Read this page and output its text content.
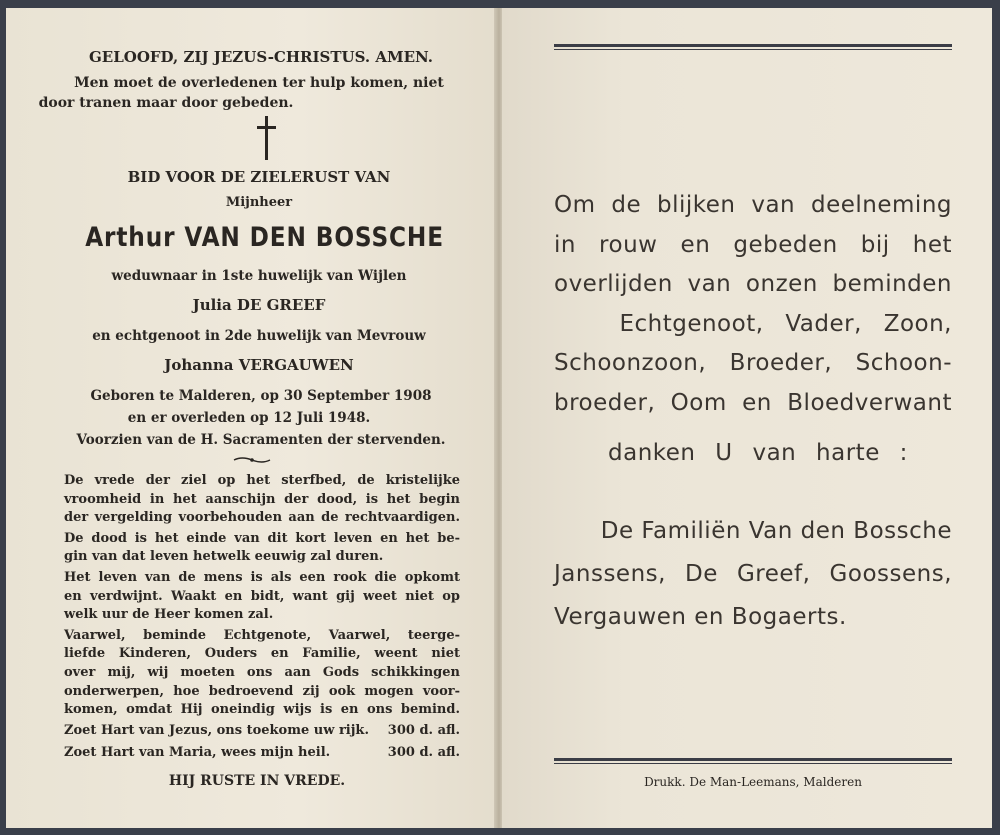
GELOOFD, ZIJ JEZUS-CHRISTUS. AMEN.
Men moet de overledenen ter hulp komen, niet
door tranen maar door gebeden.
BID VOOR DE ZIELERUST VAN
Mijnheer
Arthur VAN DEN BOSSCHE
weduwnaar in 1ste huwelijk van Wijlen
Julia DE GREEF
en echtgenoot in 2de huwelijk van Mevrouw
Johanna VERGAUWEN
Geboren te Malderen, op 30 September 1908
en er overleden op 12 Juli 1948.
Voorzien van de H. Sacramenten der stervenden.
De vrede der ziel op het sterfbed, de kristelijke
vroomheid in het aanschijn der dood, is het begin
der vergelding voorbehouden aan de rechtvaardigen.
De dood is het einde van dit kort leven en het be-
gin van dat leven hetwelk eeuwig zal duren.
Het leven van de mens is als een rook die opkomt
en verdwijnt. Waakt en bidt, want gij weet niet op
welk uur de Heer komen zal.
Vaarwel, beminde Echtgenote, Vaarwel, teerge-
liefde Kinderen, Ouders en Familie, weent niet
over mij, wij moeten ons aan Gods schikkingen
onderwerpen, hoe bedroevend zij ook mogen voor-
komen, omdat Hij oneindig wijs is en ons bemind.
Zoet Hart van Jezus, ons toekome uw rijk. 300 d. afl.
Zoet Hart van Maria, wees mijn heil.	300 d. afl.
HIJ RUSTE IN VREDE.
Om de blijken van deelneming
in rouw en gebeden bij het
overlijden van onzen beminden
Echtgenoot, Vader, Zoon,
Schoonzoon, Broeder, Schoon-
broeder, Oom en Bloedverwant
danken U van harte :
De Familiën Van den Bossche
Janssens, De Greef, Goossens,
Vergauwen en Bogaerts.
Drukk. De Man-Leemans, Malderen
